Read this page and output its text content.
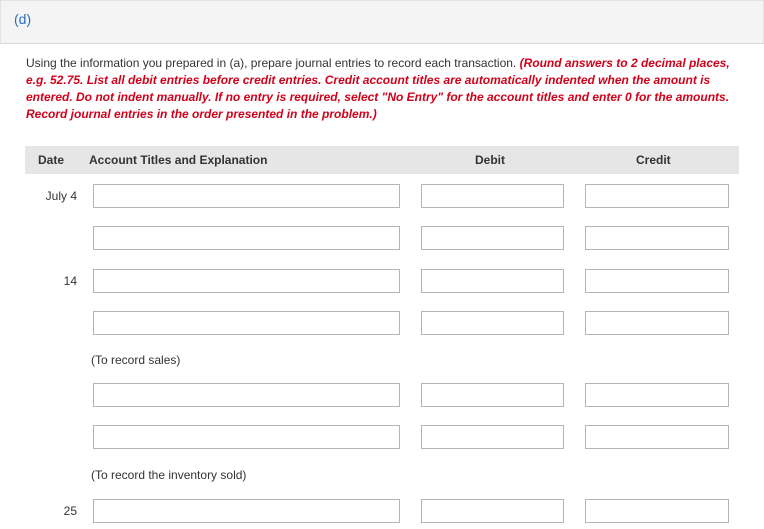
(d)
Using the information you prepared in (a), prepare journal entries to record each transaction. (Round answers to 2 decimal places, e.g. 52.75. List all debit entries before credit entries. Credit account titles are automatically indented when the amount is entered. Do not indent manually. If no entry is required, select "No Entry" for the account titles and enter 0 for the amounts. Record journal entries in the order presented in the problem.)
Date Account Titles and Explanation	Debit	Credit
July 4
14
(To record sales)
(To record the inventory sold)
25
